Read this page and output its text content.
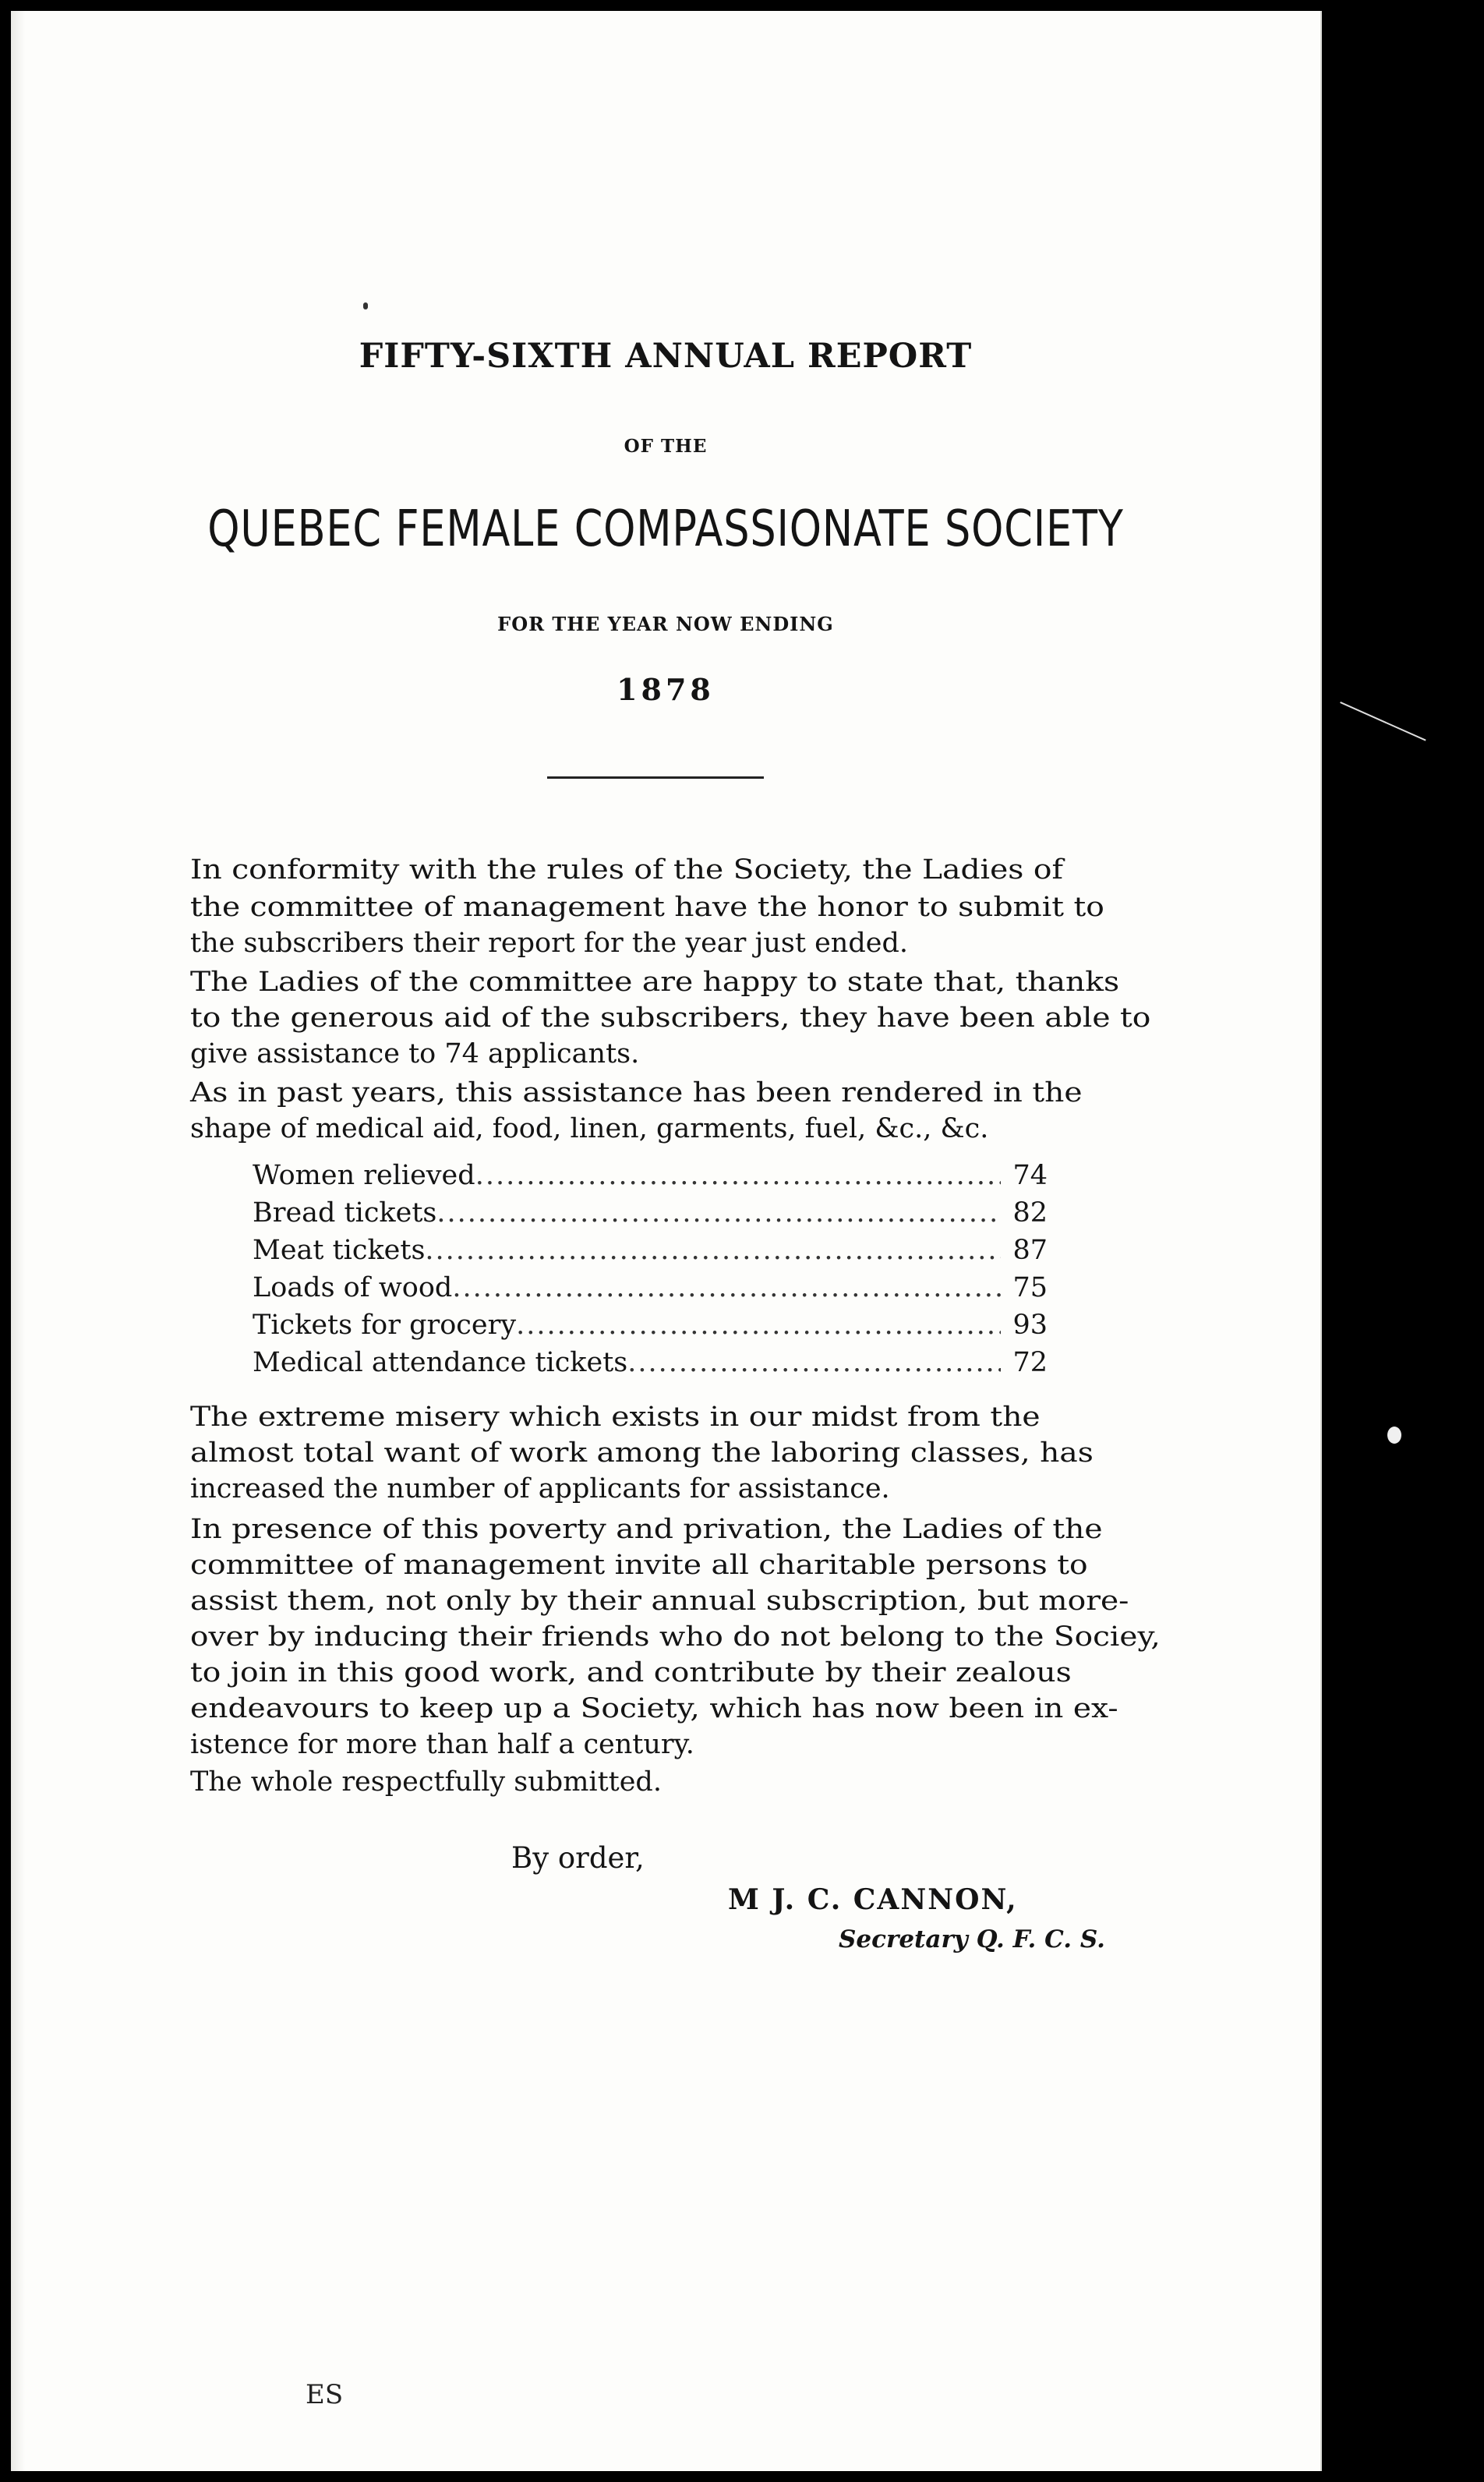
FIFTY-SIXTH ANNUAL REPORT
OF THE
QUEBEC FEMALE COMPASSIONATE SOCIETY
FOR THE YEAR NOW ENDING
1878
In conformity with the rules of the Society, the Ladies of
the committee of management have the honor to submit to
the subscribers their report for the year just ended.
The Ladies of the committee are happy to state that, thanks
to the generous aid of the subscribers, they have been able to
give assistance to 74 applicants.
As in past years, this assistance has been rendered in the
shape of medical aid, food, linen, garments, fuel, &c., &c.
Women relieved .....	74
Bread tickets .....	82
Meat tickets .....	87
Loads of wood .....	75
Tickets for grocery .....	93
Medical attendance tickets .....	72
The extreme misery which exists in our midst from the
almost total want of work among the laboring classes, has
increased the number of applicants for assistance.
In presence of this poverty and privation, the Ladies of the
committee of management invite all charitable persons to
assist them, not only by their annual subscription, but more-
over by inducing their friends who do not belong to the Sociey,
to join in this good work, and contribute by their zealous
endeavours to keep up a Society, which has now been in ex-
istence for more than half a century.
The whole respectfully submitted.
By order,
M J. C. CANNON,
Secretary Q. F. C. S.
ES
